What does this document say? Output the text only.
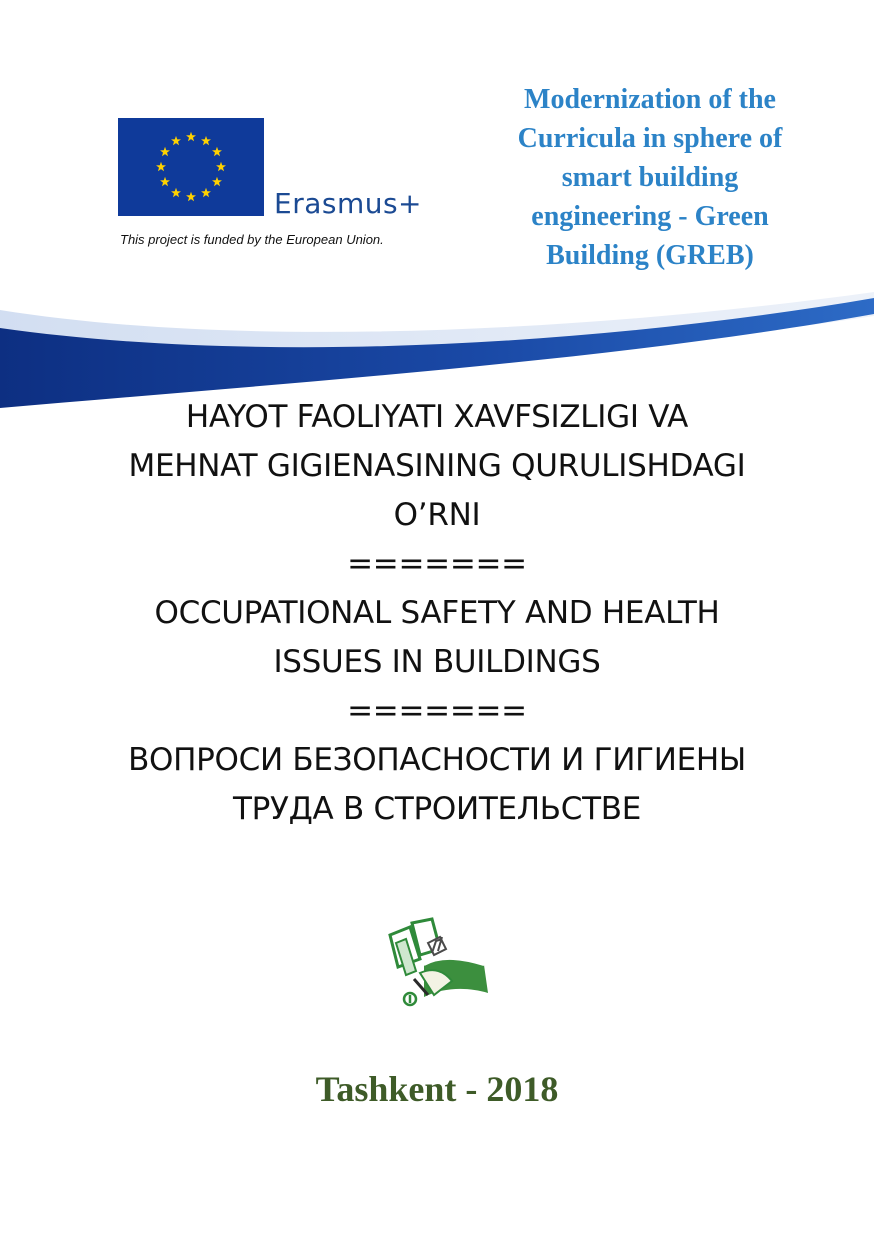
Erasmus+
This project is funded by the European Union.
Modernization of the
Curricula in sphere of
smart building
engineering - Green
Building (GREB)
HAYOT FAOLIYATI XAVFSIZLIGI VA
MEHNAT GIGIENASINING QURULISHDAGI
O’RNI
=======
OCCUPATIONAL SAFETY AND HEALTH
ISSUES IN BUILDINGS
=======
ВОПРОСИ БЕЗОПАСНОСТИ И ГИГИЕНЫ
ТРУДА В СТРОИТЕЛЬСТВЕ
Tashkent - 2018
